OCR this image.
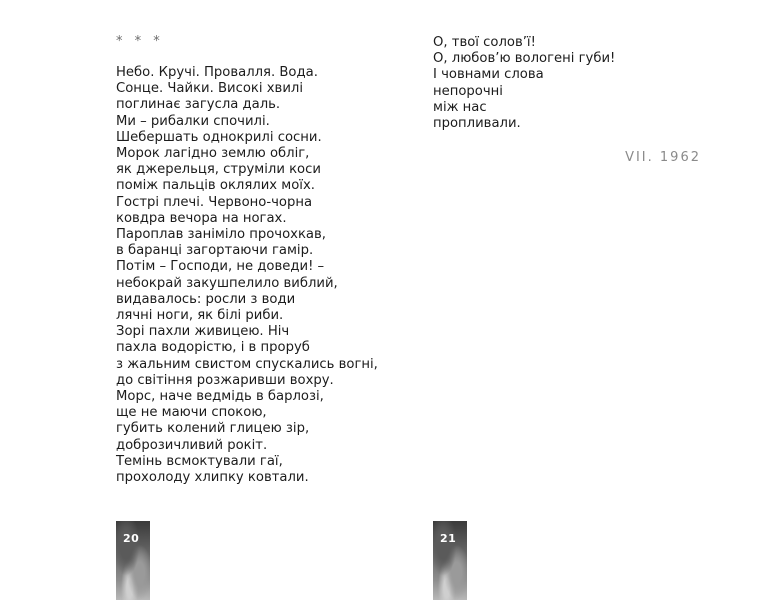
* * *
Небо. Кручі. Провалля. Вода.
Сонце. Чайки. Високі хвилі
поглинає загусла даль.
Ми – рибалки спочилі.
Шебершать однокрилі сосни.
Морок лагідно землю обліг,
як джерельця, струміли коси
поміж пальців оклялих моїх.
Гострі плечі. Червоно-чорна
ковдра вечора на ногах.
Пароплав заніміло прочохкав,
в баранці загортаючи гамір.
Потім – Господи, не доведи! –
небокрай закушпелило виблий,
видавалось: росли з води
лячні ноги, як білі риби.
Зорі пахли живицею. Ніч
пахла водорістю, і в проруб
з жальним свистом спускались вогні,
до світіння розжаривши вохру.
Морс, наче ведмідь в барлозі,
ще не маючи спокою,
губить колений глицею зір,
доброзичливий рокіт.
Темінь всмоктували гаї,
прохолоду хлипку ковтали.
20
О, твої солов’ї!
О, любов’ю вологені губи!
І човнами слова
непорочні
між нас
пропливали.
VII. 1962
21
